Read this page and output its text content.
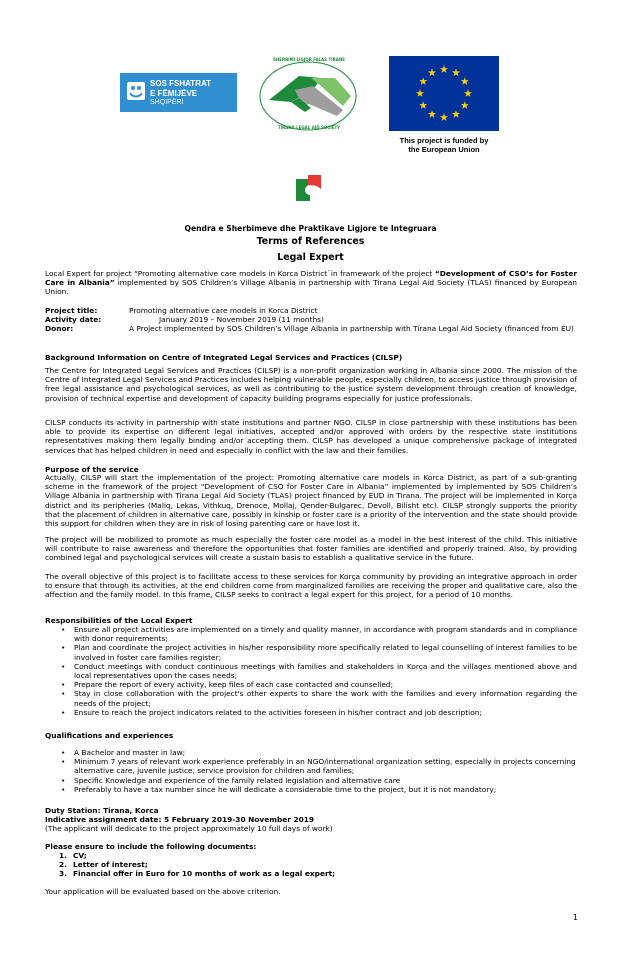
SOS FSHATRAT
E FËMIJËVE
SHQIPËRI
SHERBIMI LIGJOR FALAS TIRANE
TIRANA LEGAL AID SOCIETY
This project is funded by
the European Union
Qendra e Sherbimeve dhe Praktikave Ligjore te Integruara
Terms of References
Legal Expert
Local Expert for project “Promoting alternative care models in Korca District¨in framework of the project “Development of CSO’s for Foster Care in Albania” implemented by SOS Children’s Village Albania in partnership with Tirana Legal Aid Society (TLAS) financed by European Union.
Project title:	Promoting alternative care models in Korca District
Activity date:	January 2019 – November 2019 (11 months)
Donor:	A Project implemented by SOS Children’s Village Albania in partnership with Tirana Legal Aid Society (financed from EU)
Background Information on Centre of Integrated Legal Services and Practices (CILSP)
The Centre for Integrated Legal Services and Practices (CILSP) is a non-profit organization working in Albania since 2000. The mission of the Centre of Integrated Legal Services and Practices includes helping vulnerable people, especially children, to access justice through provision of free legal assistance and psychological services, as well as contributing to the justice system development through creation of knowledge, provision of technical expertise and development of capacity building programs especially for justice professionals.
CILSP conducts its activity in partnership with state institutions and partner NGO. CILSP in close partnership with these institutions has been able to provide its expertise on different legal initiatives, accepted and/or approved with orders by the respective state institutions representatives making them legally binding and/or accepting them. CILSP has developed a unique comprehensive package of integrated services that has helped children in need and especially in conflict with the law and their families.
Purpose of the service
Actually, CILSP will start the implementation of the project: Promoting alternative care models in Korca District, as part of a sub-granting scheme in the framework of the project “Development of CSO for Foster Care in Albania” implemented by implemented by SOS Children’s Village Albania in partnership with Tirana Legal Aid Society (TLAS) project financed by EUD in Tirana. The project will be implemented in Korça district and its peripheries (Maliq, Lekas, Vithkuq, Drenoce, Mollaj, Qender-Bulgarec, Devoll, Bilisht etc). CILSP strongly supports the priority that the placement of children in alternative care, possibly in kinship or foster care is a priority of the intervention and the state should provide this support for children when they are in risk of losing parenting care or have lost it.
The project will be mobilized to promote as much especially the foster care model as a model in the best interest of the child. This initiative will contribute to raise awareness and therefore the opportunities that foster families are identified and properly trained. Also, by providing combined legal and psychological services will create a sustain basis to establish a qualitative service in the future.
The overall objective of this project is to facilitate access to these services for Korça community by providing an integrative approach in order to ensure that through its activities, at the end children come from marginalized families are receiving the proper and qualitative care, also the affection and the family model. In this frame, CILSP seeks to contract a legal expert for this project, for a period of 10 months.
Responsibilities of the Local Expert
• Ensure all project activities are implemented on a timely and quality manner, in accordance with program standards and in compliance with donor requirements;
• Plan and coordinate the project activities in his/her responsibility more specifically related to legal counselling of interest families to be involved in foster care families register;
• Conduct meetings with conduct continuous meetings with families and stakeholders in Korça and the villages mentioned above and local representatives upon the cases needs;
• Prepare the report of every activity, keep files of each case contacted and counselled;
• Stay in close collaboration with the project's other experts to share the work with the families and every information regarding the needs of the project;
• Ensure to reach the project indicators related to the activities foreseen in his/her contract and job description;
Qualifications and experiences
• A Bachelor and master in law;
• Minimum 7 years of relevant work experience preferably in an NGO/international organization setting, especially in projects concerning alternative care, juvenile justice, service provision for children and families;
• Specific Knowledge and experience of the family related legislation and alternative care
• Preferably to have a tax number since he will dedicate a considerable time to the project, but it is not mandatory;
Duty Station: Tirana, Korca
Indicative assignment date: 5 February 2019-30 November 2019
(The applicant will dedicate to the project approximately 10 full days of work)
Please ensure to include the following documents:
1. CV;
2. Letter of interest;
3. Financial offer in Euro for 10 months of work as a legal expert;
Your application will be evaluated based on the above criterion.
1
